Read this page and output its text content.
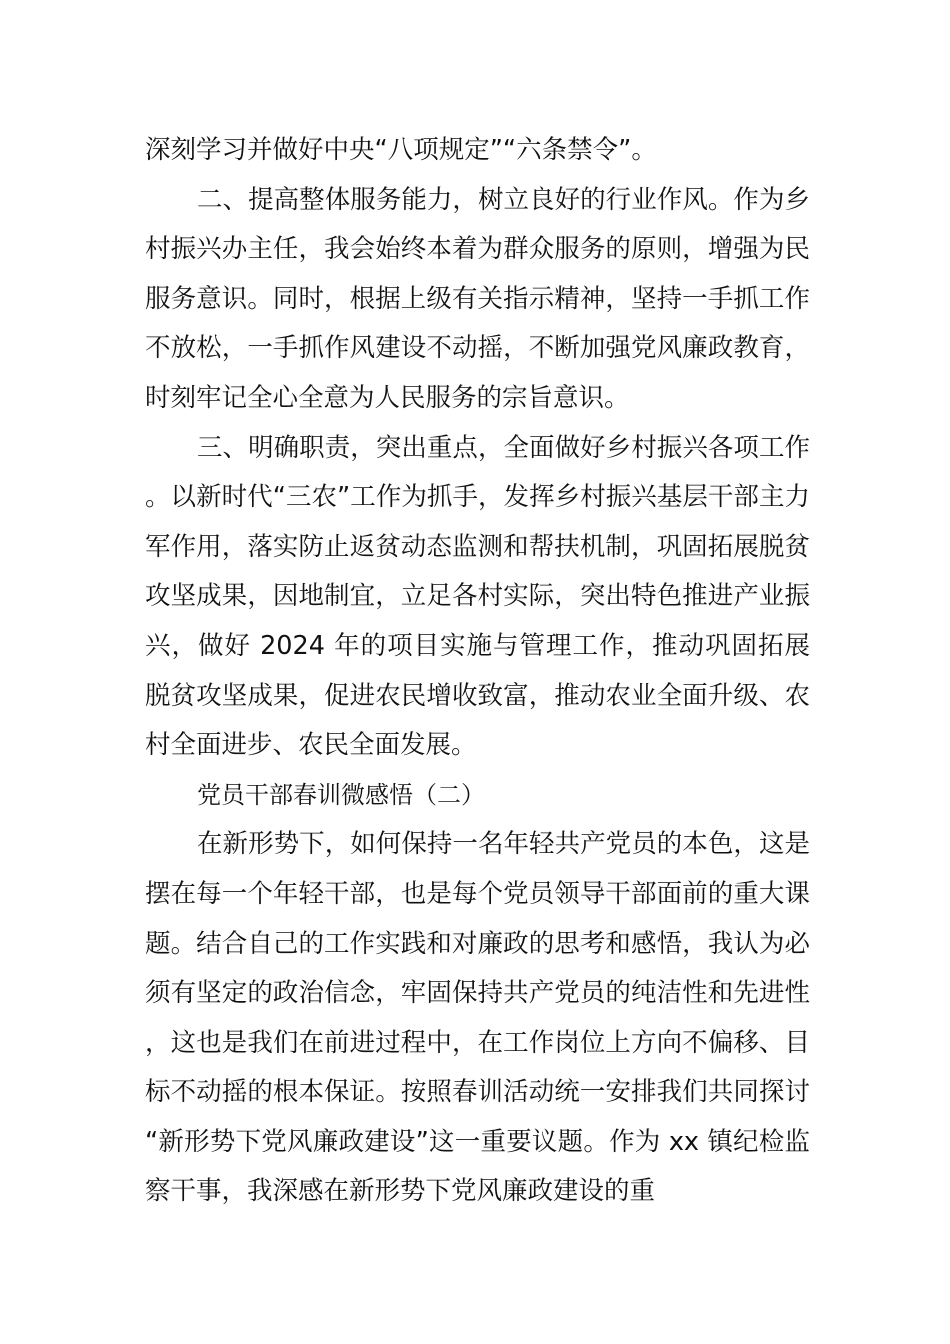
深刻学习并做好中央“八项规定”“六条禁令”。

二、提高整体服务能力，树立良好的行业作风。作为乡村振兴办主任，我会始终本着为群众服务的原则，增强为民服务意识。同时，根据上级有关指示精神，坚持一手抓工作不放松，一手抓作风建设不动摇，不断加强党风廉政教育，时刻牢记全心全意为人民服务的宗旨意识。

三、明确职责，突出重点，全面做好乡村振兴各项工作。以新时代“三农”工作为抓手，发挥乡村振兴基层干部主力军作用，落实防止返贫动态监测和帮扶机制，巩固拓展脱贫攻坚成果，因地制宜，立足各村实际，突出特色推进产业振兴，做好 2024 年的项目实施与管理工作，推动巩固拓展脱贫攻坚成果，促进农民增收致富，推动农业全面升级、农村全面进步、农民全面发展。

党员干部春训微感悟（二）

在新形势下，如何保持一名年轻共产党员的本色，这是摆在每一个年轻干部，也是每个党员领导干部面前的重大课题。结合自己的工作实践和对廉政的思考和感悟，我认为必须有坚定的政治信念，牢固保持共产党员的纯洁性和先进性，这也是我们在前进过程中，在工作岗位上方向不偏移、目标不动摇的根本保证。按照春训活动统一安排我们共同探讨“新形势下党风廉政建设”这一重要议题。作为 xx 镇纪检监察干事，我深感在新形势下党风廉政建设的重
